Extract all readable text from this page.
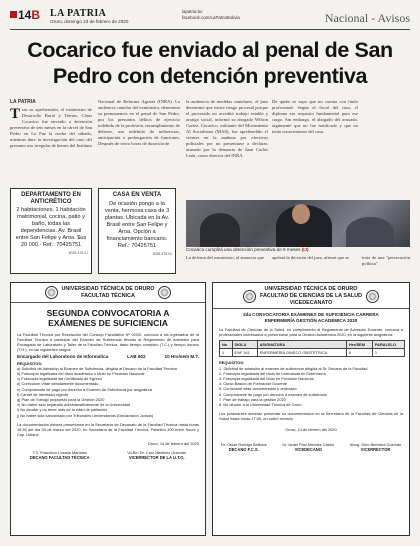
14B LA PATRIA
Oruro, domingo 23 de febrero de 2020
lapatria.bo
facebook.com/LaPatriaBolivia	Nacional - Avisos
Cocarico fue enviado al penal de San Pedro con detención preventiva
LA PATRIA
Tras su aprehensión, el exministro de Desarrollo Rural y Tierras, César Cocarico fue enviado a detención preventiva de seis meses en la cárcel de San Pedro en La Paz la noche del sábado, mientras dure la investigación del caso del presunto uso irregular de bienes del Instituto
Nacional de Reforma Agraria (INRA). La audiencia cautelar del exministro, determinó su permanencia en el penal de San Pedro, por los presuntos delitos de ejercicio indebido de la profesión, incumplimiento de deberes, uso indebido de influencias, anticipación o prolongación de funciones. Después de cinco horas de duración de
la audiencia de medidas cautelares, el juez determinó que existe riesgo procesal porque el procesado no acreditó trabajo estable y arraigo social, informó su abogado Wilson Cortez. Cocarico, militante del Movimiento Al Socialismo (MAS), fue aprehendido el viernes en la mañana por efectivos policiales por no presentarse a declarar, acusado por la denuncia de Juan Carlos León, como director del INRA.
De quién se supo que no cuenta con título profesional. Según el fiscal del caso, el diploma era requisito fundamental para ese cargo. Sin embargo, el abogado del acusado, argumentó que no fue notificado y que no tenía conocimiento del caso.
Cocarico cumplirá una detención preventiva de 6 meses (IJ)
La defensa del exministro, al anunciar que	apelará la decisión del juez, afirmó que se	trata de una "persecución política".
DEPARTAMENTO EN ANTICRÉTICO
2 habitaciones, 1 habitación matrimonial, cocina, patio y baño, todas las dependencias. Av. Brasil entre San Felipe y Aroa. $us 20 000.- Ref.: 70425751
8028-478-01
CASA EN VENTA
De ocasión pongo a la venta, hermosa casa de 3 plantas. Ubicada en la Av. Brasil entre San Felipe y Aroa. Opción a financiamiento bancario. Ref.: 70425751
8028-478-02
UNIVERSIDAD TÉCNICA DE ORURO
FACULTAD TÉCNICA
SEGUNDA CONVOCATORIA A EXÁMENES DE SUFICIENCIA
La Facultad Técnica por Resolución del Consejo Facultativo Nº 02/20, convoca a los egresados de la Facultad Técnica a participar del Examen de Suficiencia llevado al Reglamento de Admisión para Encargado de Laboratorio y Taller de la Facultad Técnica, tanto tiempo completo (T.C.) y tiempo horario (T.H.), en las siguientes cargos:
Encargado del Laboratorio de Informática	LAB 602	10 Hrs/sem M.T.
REQUISITOS:
a) Solicitud de Admisión al Examen de Suficiencia, dirigida al Decano de la Facultad Técnica
b) Fotocopia legalizada del título académico o título en Provisión Nacional
c) Fotocopia legalizada del Certificado de Egreso
d) Curriculum Vitae debidamente documentado
e) Comprobante de pago por derecho a Examen de Suficiencia por asignatura
f) Carnet de Identidad vigente
g) Plan de Trabajo propuesto para la Gestión 2020
h) No haber sido separado administrativamente de la Universidad
i) No deudor y no tener más de la edad de jubilación
j) No haber sido sancionado por Tribunales Universitarios (Declaración Jurada)
La documentación deberá presentarse en la Secretaría de Decanato de la Facultad Técnica hasta horas 16:30 del día 04 de marzo del 2020, en Secretaría de la Facultad Técnica, Pabellón 300 entre Sucre y Cap. Ustariz.
Oruro, 14 de febrero del 2020
T.S. Francisco Lozada Martínez
DECANO FACULTAD TÉCNICA
Vo.Bo. Dr. Cruz Martínez Guzmán
VICERRECTOR DE LA U.T.O.
UNIVERSIDAD TÉCNICA DE ORURO
FACULTAD DE CIENCIAS DE LA SALUD
VICEDECANATO
2da CONVOCATORIA EXÁMENES DE SUFICIENCIA CARRERA ENFERMERÍA GESTIÓN ACADÉMICA 2020
La Facultad de Ciencias de la Salud, en cumplimiento al Reglamento de Admisión Docente, convoca a profesionales interesados a presentarse para la Gestión Académica 2020, en la siguiente asignatura:
No	SIGLA	ASIGNATURA	Hrs/SEM	PARALELO
1	ENF 341	ENFERMERÍA GINECO OBSTÉTRICA	6	1
REQUISITOS:
1. Solicitud de admisión al examen de suficiencia dirigida al Sr. Decano de la Facultad
2. Fotocopia legalizada del título de Licenciada en Enfermería
3. Fotocopia legalizada del título en Provisión Nacional
4. Curso Básico de Formación Docente
5. Curriculum vitae documentado y ordenado
6. Comprobante de pago por derecho a examen de suficiencia
7. Plan de trabajo para la gestión 2020
8. No deudor a la Universidad Técnica de Oruro
Los postulantes deberán presentar su documentación en la Secretaría de la Facultad de Ciencias de la Salud hasta horas 17:00, en sobre cerrado.
Oruro, 14 de febrero del 2020
Dr. Oscar Rodrigo Bellidos
DECANO F.C.S.
Dr. Israel Paul Mendez Castro
VICEDECANO
Abog. Gino Bertrand Guzmán
VICERRECTOR
